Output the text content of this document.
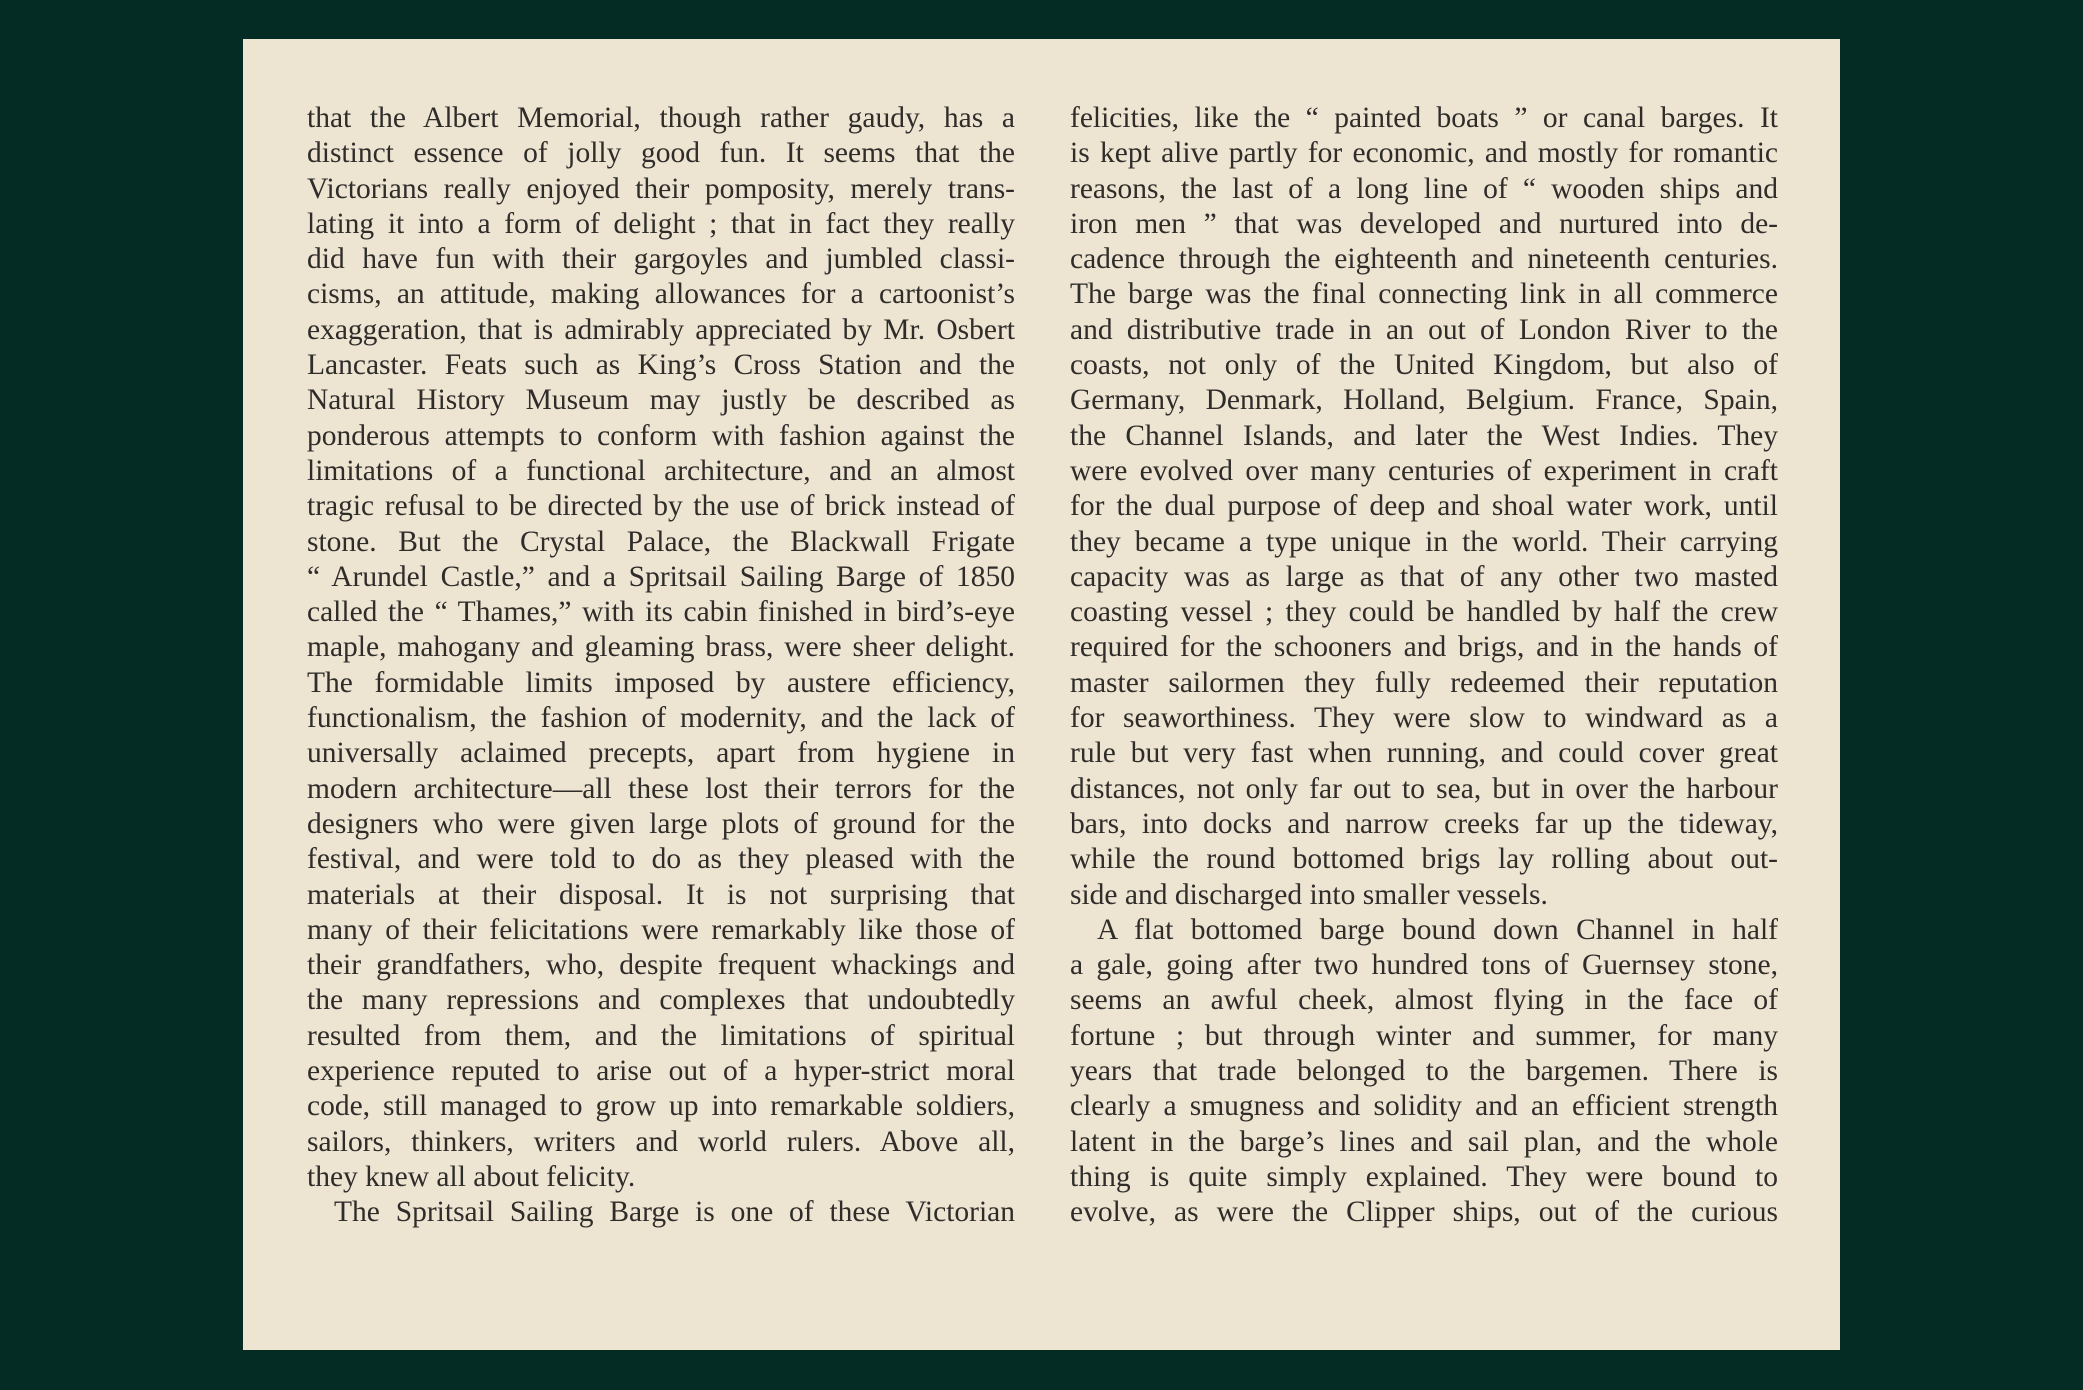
that the Albert Memorial, though rather gaudy, has a
distinct essence of jolly good fun. It seems that the
Victorians really enjoyed their pomposity, merely trans-
lating it into a form of delight ; that in fact they really
did have fun with their gargoyles and jumbled classi-
cisms, an attitude, making allowances for a cartoonist’s
exaggeration, that is admirably appreciated by Mr. Osbert
Lancaster. Feats such as King’s Cross Station and the
Natural History Museum may justly be described as
ponderous attempts to conform with fashion against the
limitations of a functional architecture, and an almost
tragic refusal to be directed by the use of brick instead of
stone. But the Crystal Palace, the Blackwall Frigate
“ Arundel Castle,” and a Spritsail Sailing Barge of 1850
called the “ Thames,” with its cabin finished in bird’s-eye
maple, mahogany and gleaming brass, were sheer delight.
The formidable limits imposed by austere efficiency,
functionalism, the fashion of modernity, and the lack of
universally aclaimed precepts, apart from hygiene in
modern architecture—all these lost their terrors for the
designers who were given large plots of ground for the
festival, and were told to do as they pleased with the
materials at their disposal. It is not surprising that
many of their felicitations were remarkably like those of
their grandfathers, who, despite frequent whackings and
the many repressions and complexes that undoubtedly
resulted from them, and the limitations of spiritual
experience reputed to arise out of a hyper-strict moral
code, still managed to grow up into remarkable soldiers,
sailors, thinkers, writers and world rulers. Above all,
they knew all about felicity.
The Spritsail Sailing Barge is one of these Victorian
felicities, like the “ painted boats ” or canal barges. It
is kept alive partly for economic, and mostly for romantic
reasons, the last of a long line of “ wooden ships and
iron men ” that was developed and nurtured into de-
cadence through the eighteenth and nineteenth centuries.
The barge was the final connecting link in all commerce
and distributive trade in an out of London River to the
coasts, not only of the United Kingdom, but also of
Germany, Denmark, Holland, Belgium. France, Spain,
the Channel Islands, and later the West Indies. They
were evolved over many centuries of experiment in craft
for the dual purpose of deep and shoal water work, until
they became a type unique in the world. Their carrying
capacity was as large as that of any other two masted
coasting vessel ; they could be handled by half the crew
required for the schooners and brigs, and in the hands of
master sailormen they fully redeemed their reputation
for seaworthiness. They were slow to windward as a
rule but very fast when running, and could cover great
distances, not only far out to sea, but in over the harbour
bars, into docks and narrow creeks far up the tideway,
while the round bottomed brigs lay rolling about out-
side and discharged into smaller vessels.
A flat bottomed barge bound down Channel in half
a gale, going after two hundred tons of Guernsey stone,
seems an awful cheek, almost flying in the face of
fortune ; but through winter and summer, for many
years that trade belonged to the bargemen. There is
clearly a smugness and solidity and an efficient strength
latent in the barge’s lines and sail plan, and the whole
thing is quite simply explained. They were bound to
evolve, as were the Clipper ships, out of the curious
